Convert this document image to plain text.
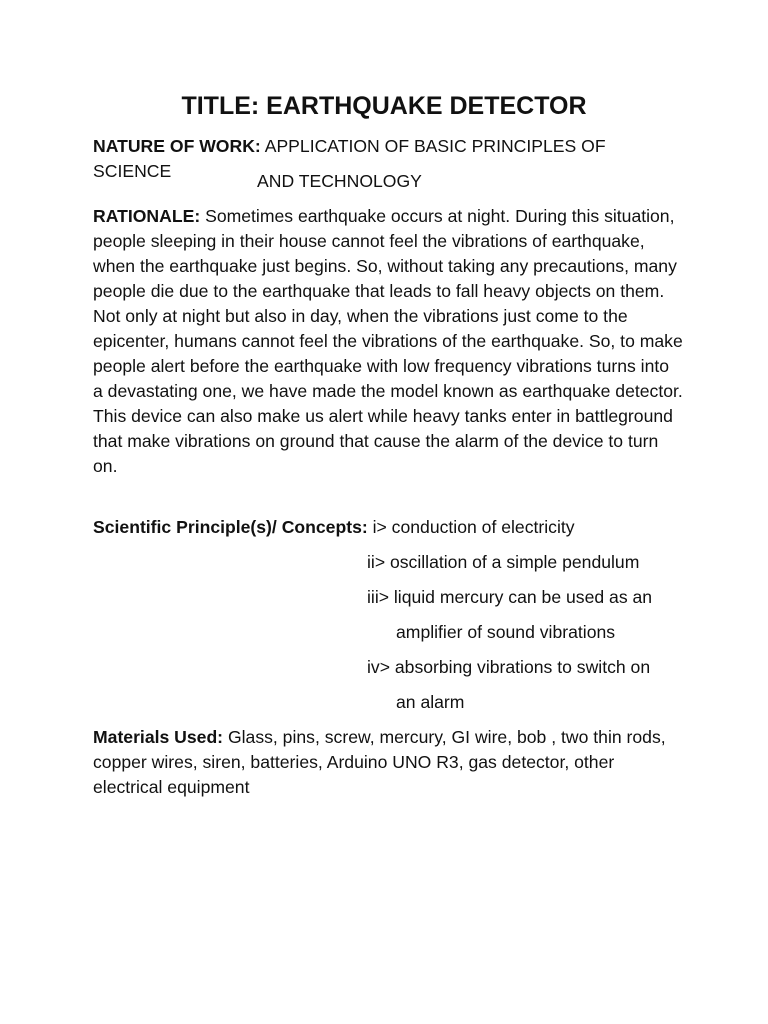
TITLE: EARTHQUAKE DETECTOR

NATURE OF WORK: APPLICATION OF BASIC PRINCIPLES OF SCIENCE	AND TECHNOLOGY

RATIONALE: Sometimes earthquake occurs at night. During this situation, people sleeping in their house cannot feel the vibrations of earthquake, when the earthquake just begins. So, without taking any precautions, many people die due to the earthquake that leads to fall heavy objects on them. Not only at night but also in day, when the vibrations just come to the epicenter, humans cannot feel the vibrations of the earthquake. So, to make people alert before the earthquake with low frequency vibrations turns into a devastating one, we have made the model known as earthquake detector. This device can also make us alert while heavy tanks enter in battleground that make vibrations on ground that cause the alarm of the device to turn on.

Scientific Principle(s)/ Concepts: i> conduction of electricity

ii> oscillation of a simple pendulum

iii> liquid mercury can be used as an

amplifier of sound vibrations

iv> absorbing vibrations to switch on

an alarm

Materials Used: Glass, pins, screw, mercury, GI wire, bob , two thin rods, copper wires, siren, batteries, Arduino UNO R3, gas detector, other electrical equipment
